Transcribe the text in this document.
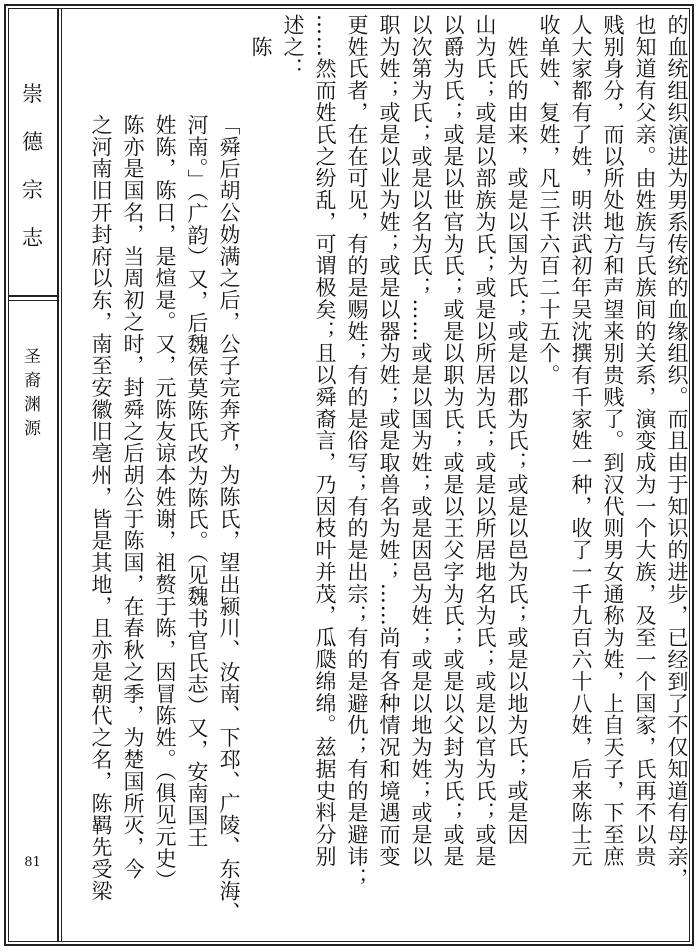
崇
德
宗
志
圣
裔
渊
源
81	的血统组织演进为男系传统的血缘组织。而且由于知识的进步，已经到了不仅知道有母亲，
也知道有父亲。由姓族与氏族间的关系，演变成为一个大族，及至一个国家，氏再不以贵
贱别身分，而以所处地方和声望来别贵贱了。到汉代则男女通称为姓，上自天子，下至庶
人大家都有了姓，明洪武初年吴沈撰有千家姓一种，收了一千九百六十八姓，后来陈士元
收单姓、复姓，凡三千六百二十五个。
　姓氏的由来，或是以国为氏；或是以郡为氏；或是以邑为氏；或是以地为氏；或是因
山为氏；或是以部族为氏；或是以所居为氏；或是以所居地名为氏；或是以官为氏；或是
以爵为氏；或是以世官为氏；或是以职为氏；或是以王父字为氏；或是以父封为氏；或是
以次第为氏；或是以名为氏；……或是以国为姓；或是因邑为姓；或是以地为姓；或是以
职为姓；或是以业为姓；或是以器为姓；或是取兽名为姓；……尚有各种情况和境遇而变
更姓氏者，在在可见，有的是赐姓；有的是俗写；有的是出宗；有的是避仇；有的是避讳；
……然而姓氏之纷乱，可谓极矣；且以舜裔言，乃因枝叶并茂，瓜瓞绵绵。兹据史料分别
述之：
陈
「舜后胡公妫满之后，公子完奔齐，为陈氏，望出颍川、汝南、下邳、广陵、东海、
河南。」（广韵）又，后魏侯莫陈氏改为陈氏。（见魏书官氏志）又，安南国王
姓陈，陈日，是煊是。又，元陈友谅本姓谢，祖赘于陈，因冒陈姓。（俱见元史）
陈亦是国名，当周初之时，封舜之后胡公于陈国，在春秋之季，为楚国所灭，今
之河南旧开封府以东，南至安徽旧亳州，皆是其地，且亦是朝代之名，陈羁先受梁
